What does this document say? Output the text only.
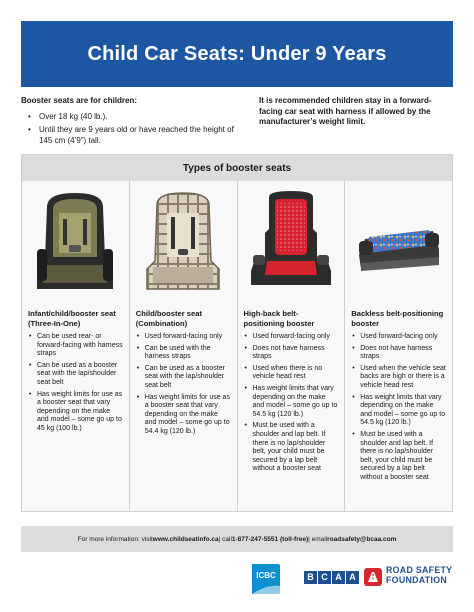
Child Car Seats: Under 9 Years
Booster seats are for children:
• Over 18 kg (40 lb.).
• Until they are 9 years old or have reached the height of 145 cm (4’9”) tall.
It is recommended children stay in a forward-facing car seat with harness if allowed by the manufacturer’s weight limit.
Types of booster seats
Infant/child/booster seat (Three-In-One)
• Can be used rear- or forward-facing with harness straps
• Can be used as a booster seat with the lap/shoulder seat belt
• Has weight limits for use as a booster seat that vary depending on the make and model – some go up to 45 kg (100 lb.)
Child/booster seat (Combination)
• Used forward-facing only
• Can be used with the harness straps
• Can be used as a booster seat with the lap/shoulder seat belt
• Has weight limits for use as a booster seat that vary depending on the make and model – some go up to 54.4 kg (120 lb.)
High-back belt-positioning booster
• Used forward-facing only
• Does not have harness straps
• Used when there is no vehicle head rest
• Has weight limits that vary depending on the make and model – some go up to 54.5 kg (120 lb.)
• Must be used with a shoulder and lap belt. If there is no lap/shoulder belt, your child must be secured by a lap belt without a booster seat
Backless belt-positioning booster
• Used forward-facing only
• Does not have harness straps
• Used when the vehicle seat backs are high or there is a vehicle head rest
• Has weight limits that vary depending on the make and model – some go up to 54.5 kg (120 lb.)
• Must be used with a shoulder and lap belt. If there is no lap/shoulder belt, your child must be secured by a lap belt without a booster seat
For more information: visit www.childseatinfo.ca | call 1-877-247-5551 (toll-free) | email roadsafety@bcaa.com
ICBC	B C A A
ROAD SAFETY
FOUNDATION
